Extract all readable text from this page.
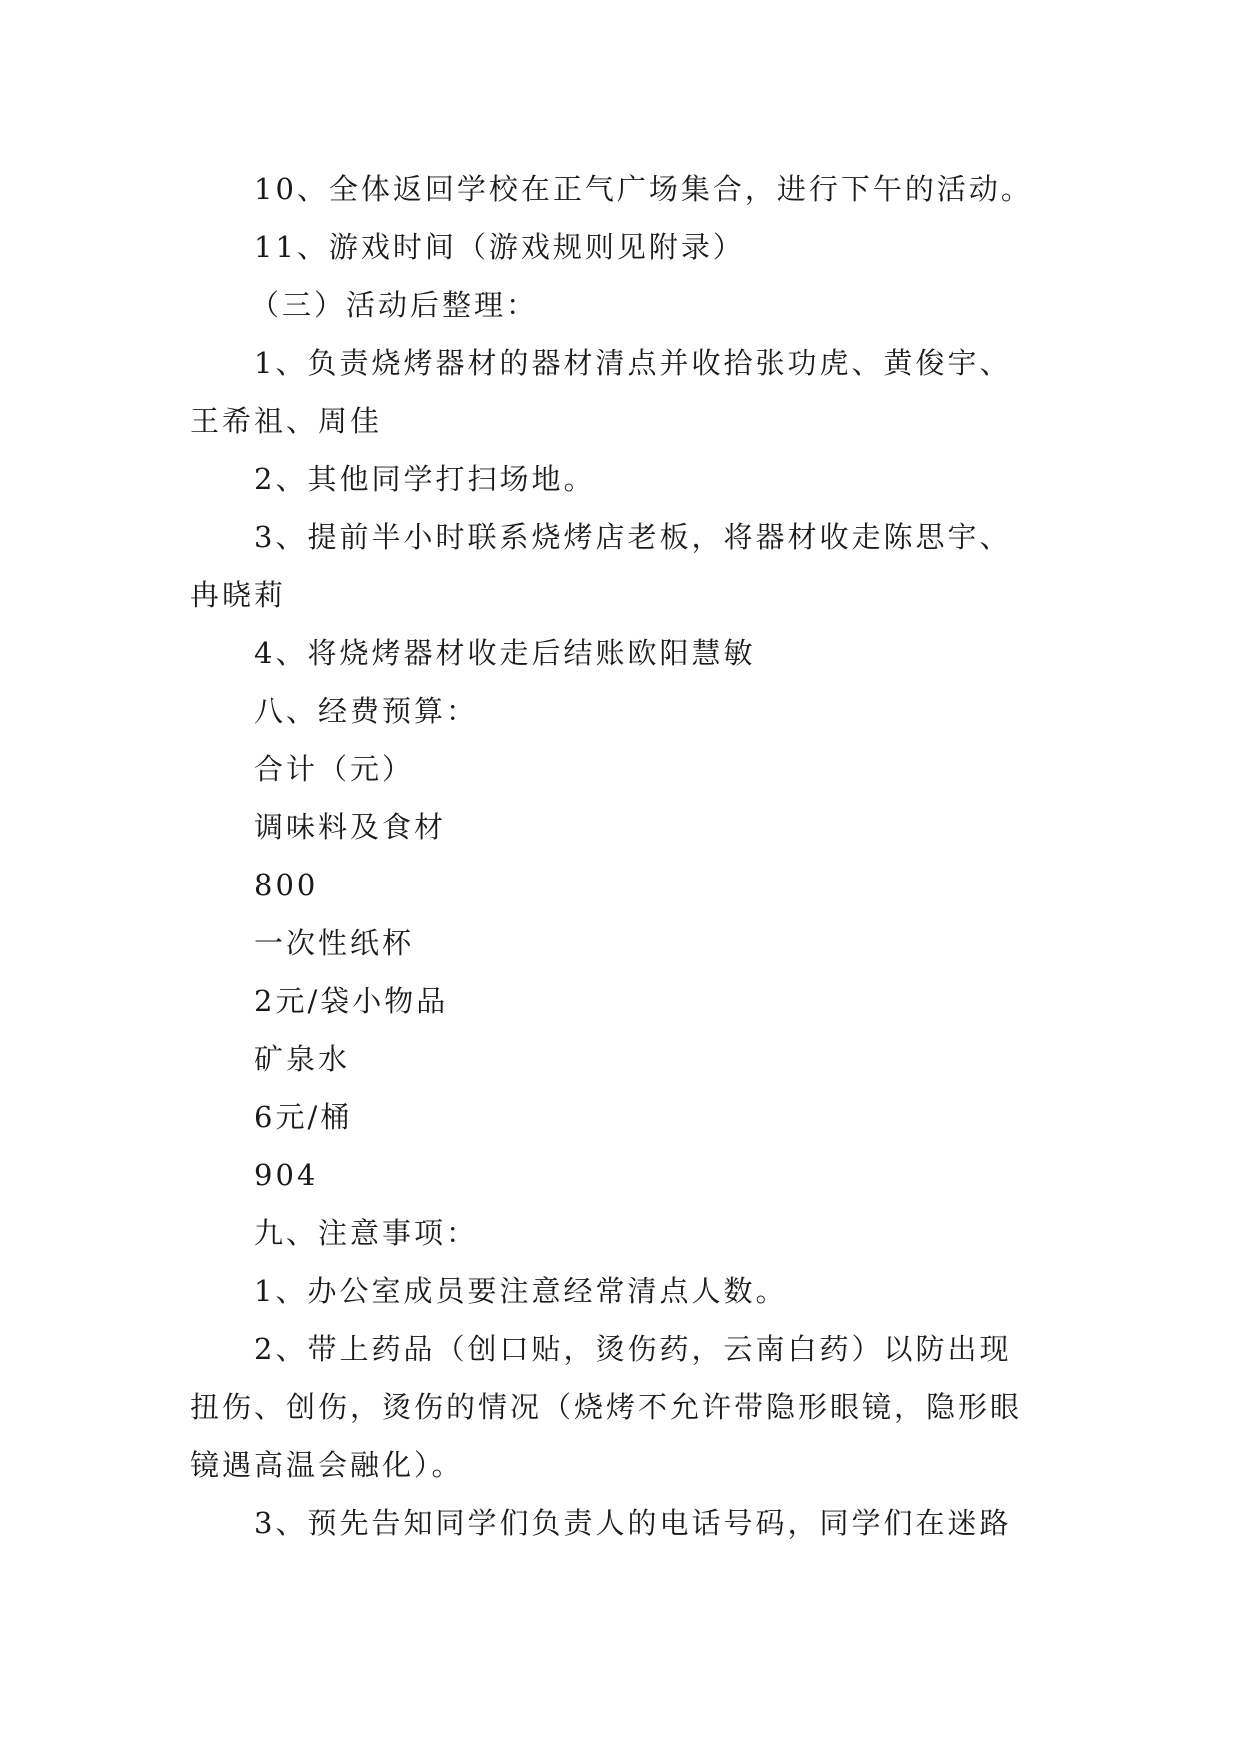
10、全体返回学校在正气广场集合，进行下午的活动。
11、游戏时间（游戏规则见附录）
（三）活动后整理：
1、负责烧烤器材的器材清点并收拾张功虎、黄俊宇、
王希祖、周佳
2、其他同学打扫场地。
3、提前半小时联系烧烤店老板，将器材收走陈思宇、
冉晓莉
4、将烧烤器材收走后结账欧阳慧敏
八、经费预算：
合计（元）
调味料及食材
800
一次性纸杯
2元/袋小物品
矿泉水
6元/桶
904
九、注意事项：
1、办公室成员要注意经常清点人数。
2、带上药品（创口贴，烫伤药，云南白药）以防出现
扭伤、创伤，烫伤的情况（烧烤不允许带隐形眼镜，隐形眼
镜遇高温会融化）。
3、预先告知同学们负责人的电话号码，同学们在迷路
